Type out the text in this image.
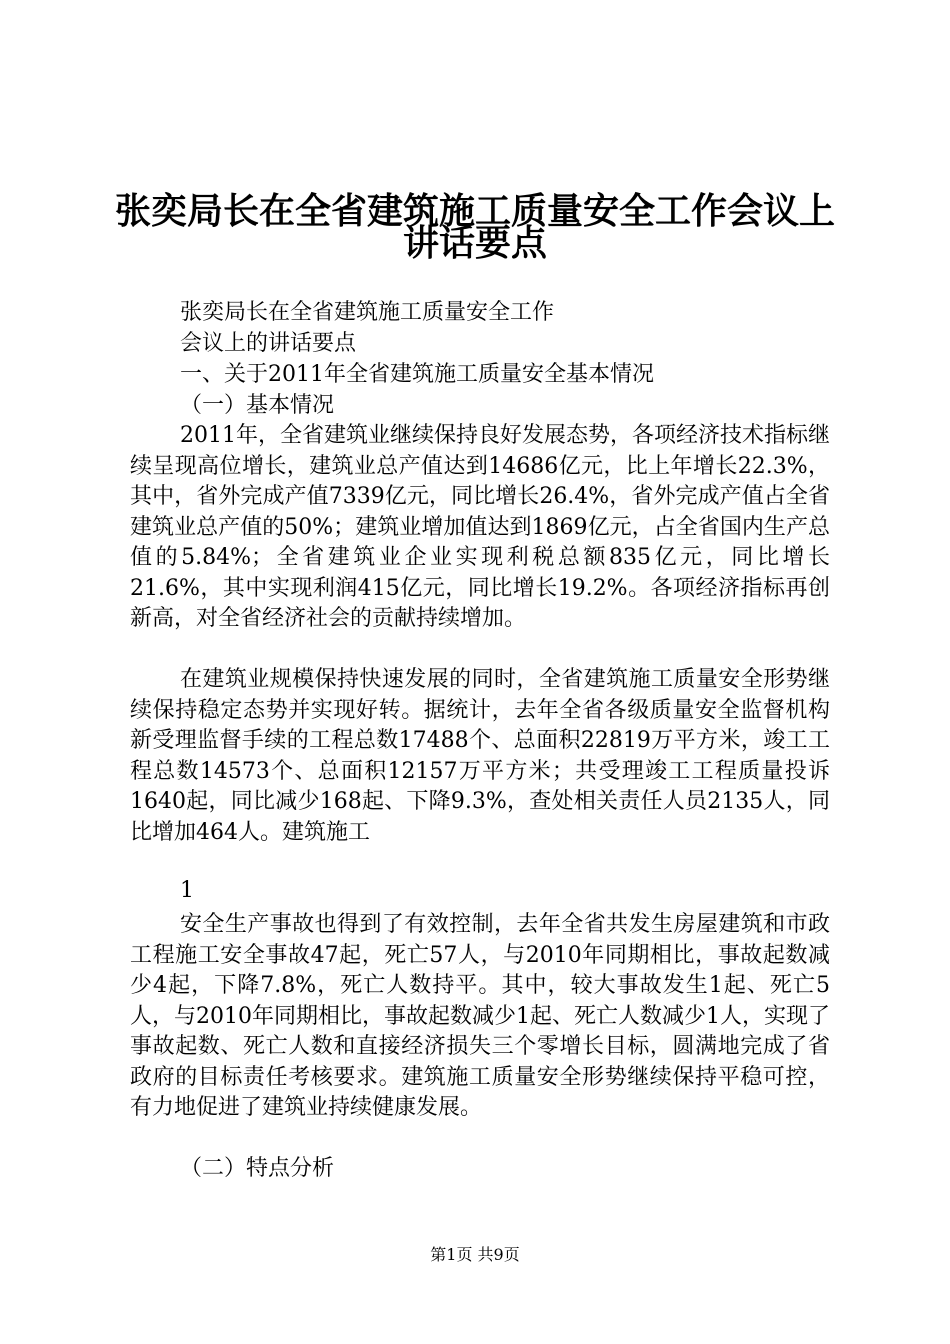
张奕局长在全省建筑施工质量安全工作会议上
讲话要点
张奕局长在全省建筑施工质量安全工作
会议上的讲话要点
一、关于2011年全省建筑施工质量安全基本情况
（一）基本情况

2011年，全省建筑业继续保持良好发展态势，各项经济技术指标继续呈现高位增长，建筑业总产值达到14686亿元，比上年增长22.3%，其中，省外完成产值7339亿元，同比增长26.4%，省外完成产值占全省建筑业总产值的50%；建筑业增加值达到1869亿元，占全省国内生产总值的5.84%；全省建筑业企业实现利税总额835亿元，同比增长21.6%，其中实现利润415亿元，同比增长19.2%。各项经济指标再创新高，对全省经济社会的贡献持续增加。

在建筑业规模保持快速发展的同时，全省建筑施工质量安全形势继续保持稳定态势并实现好转。据统计，去年全省各级质量安全监督机构新受理监督手续的工程总数17488个、总面积22819万平方米，竣工工程总数14573个、总面积12157万平方米；共受理竣工工程质量投诉1640起，同比减少168起、下降9.3%，查处相关责任人员2135人，同比增加464人。建筑施工

1

安全生产事故也得到了有效控制，去年全省共发生房屋建筑和市政工程施工安全事故47起，死亡57人，与2010年同期相比，事故起数减少4起，下降7.8%，死亡人数持平。其中，较大事故发生1起、死亡5人，与2010年同期相比，事故起数减少1起、死亡人数减少1人，实现了事故起数、死亡人数和直接经济损失三个零增长目标，圆满地完成了省政府的目标责任考核要求。建筑施工质量安全形势继续保持平稳可控，有力地促进了建筑业持续健康发展。

（二）特点分析
第1页 共9页
